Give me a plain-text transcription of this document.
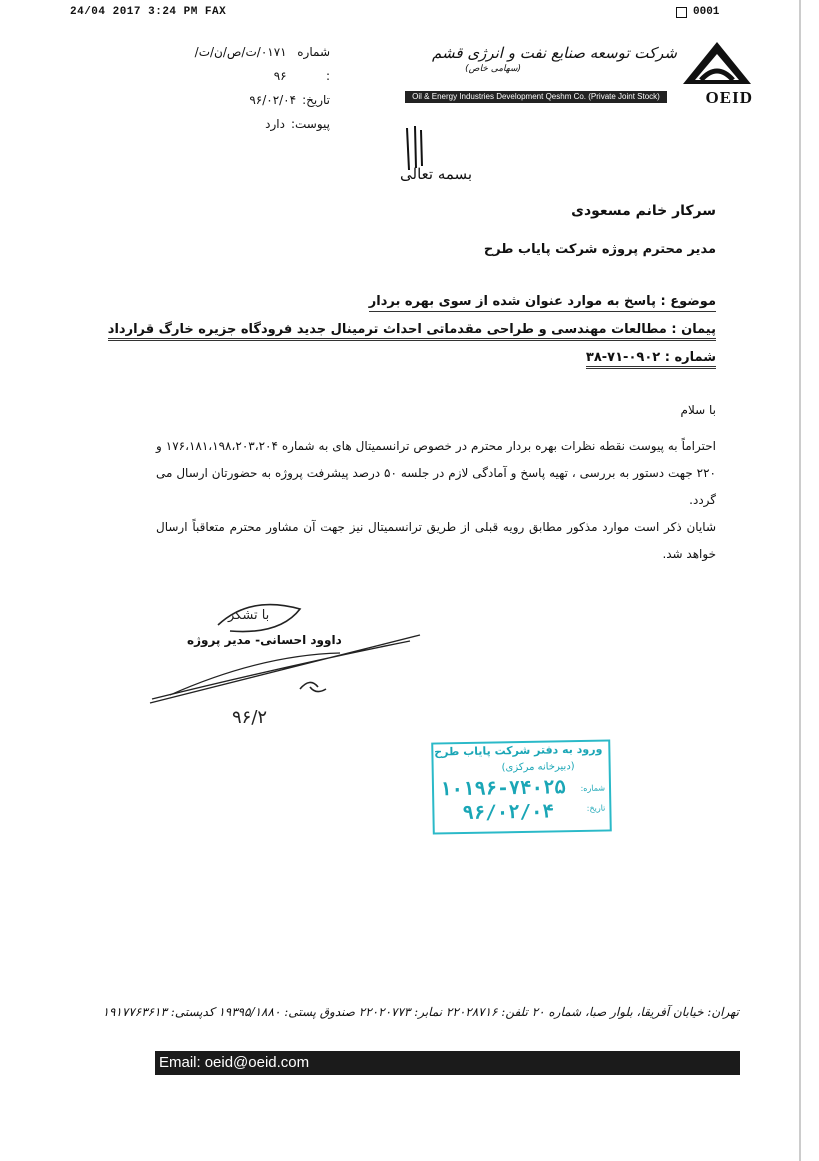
24/04 2017 3:24 PM FAX	0001
شماره :
۰۱۷۱/ت/ص/ن/ت/۹۶
تاریخ:
۹۶/۰۲/۰۴
پیوست:
دارد
شرکت توسعه صنایع نفت و انرژی قشم
(سهامی خاص)
Oil & Energy Industries Development Qeshm Co. (Private Joint Stock)	OEID
بسمه تعالی
سرکار خانم مسعودی
مدیر محترم پروژه شرکت پایاب طرح
موضوع : پاسخ به موارد عنوان شده از سوی بهره بردار
پیمان : مطالعات مهندسی و طراحی مقدماتی احداث ترمینال جدید فرودگاه جزیره خارگ قرارداد
شماره : ۰۹۰۲-۷۱-۳۸
با سلام

احتراماً به پیوست نقطه نظرات بهره بردار محترم در خصوص ترانسمیتال های به شماره ۱۷۶،۱۸۱،۱۹۸،۲۰۳،۲۰۴ و ۲۲۰ جهت دستور به بررسی ، تهیه پاسخ و آمادگی لازم در جلسه ۵۰ درصد پیشرفت پروژه به حضورتان ارسال می گردد.

شایان ذکر است موارد مذکور مطابق رویه قبلی از طریق ترانسمیتال نیز جهت آن مشاور محترم متعاقباً ارسال خواهد شد.

با تشکر
۹۶/۲
داوود احسانی- مدیر پروژه
ورود به دفتر شرکت پایاب طرح
(دبیرخانه مرکزی)
شماره:
تاریخ:
۱۰۱۹۶-۷۴۰۲۵
۹۶/۰۲/۰۴
تهران: خیابان آفریقا، بلوار صبا، شماره ۲۰ تلفن: ۲۲۰۲۸۷۱۶ نمابر: ۲۲۰۲۰۷۷۳ صندوق پستی: ۱۹۳۹۵/۱۸۸۰ کدپستی: ۱۹۱۷۷۶۳۶۱۳
Email: oeid@oeid.com
